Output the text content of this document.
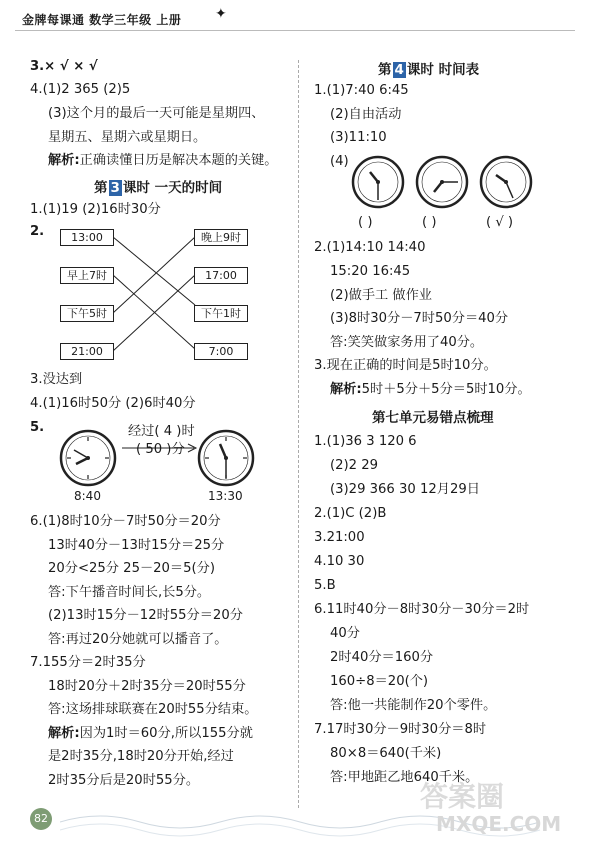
金牌每课通 数学三年级 上册 ✦
3.× √ × √
4.(1)2 365 (2)5
(3)这个月的最后一天可能是星期四、
星期五、星期六或星期日。
解析:正确读懂日历是解决本题的关键。
第 3 课时 一天的时间
1.(1)19 (2)16时30分
2.	13:00
早上7时
下午5时
21:00
晚上9时
17:00
下午1时
7:00
3.没达到
4.(1)16时50分 (2)6时40分
5.
8:40
经过( 4 )时
( 50 )分
13:30
6.(1)8时10分－7时50分＝20分
13时40分－13时15分＝25分
20分<25分 25－20＝5(分)
答:下午播音时间长,长5分。
(2)13时15分－12时55分＝20分
答:再过20分她就可以播音了。
7.155分＝2时35分
18时20分＋2时35分＝20时55分
答:这场排球联赛在20时55分结束。
解析:因为1时＝60分,所以155分就
是2时35分,18时20分开始,经过
2时35分后是20时55分。
第 4 课时 时间表
1.(1)7:40 6:45
(2)自由活动
(3)11:10
(4)
( )	( )	( √ )
2.(1)14:10 14:40
15:20 16:45
(2)做手工 做作业
(3)8时30分－7时50分＝40分
答:笑笑做家务用了40分。
3.现在正确的时间是5时10分。
解析:5时＋5分＋5分＝5时10分。
第七单元易错点梳理
1.(1)36 3 120 6
(2)2 29
(3)29 366 30 12月29日
2.(1)C (2)B
3.21:00
4.10 30
5.B
6.11时40分－8时30分－30分＝2时
40分
2时40分＝160分
160÷8＝20(个)
答:他一共能制作20个零件。
7.17时30分－9时30分＝8时
80×8＝640(千米)
答:甲地距乙地640千米。
82
答案圈
MXQE.COM
